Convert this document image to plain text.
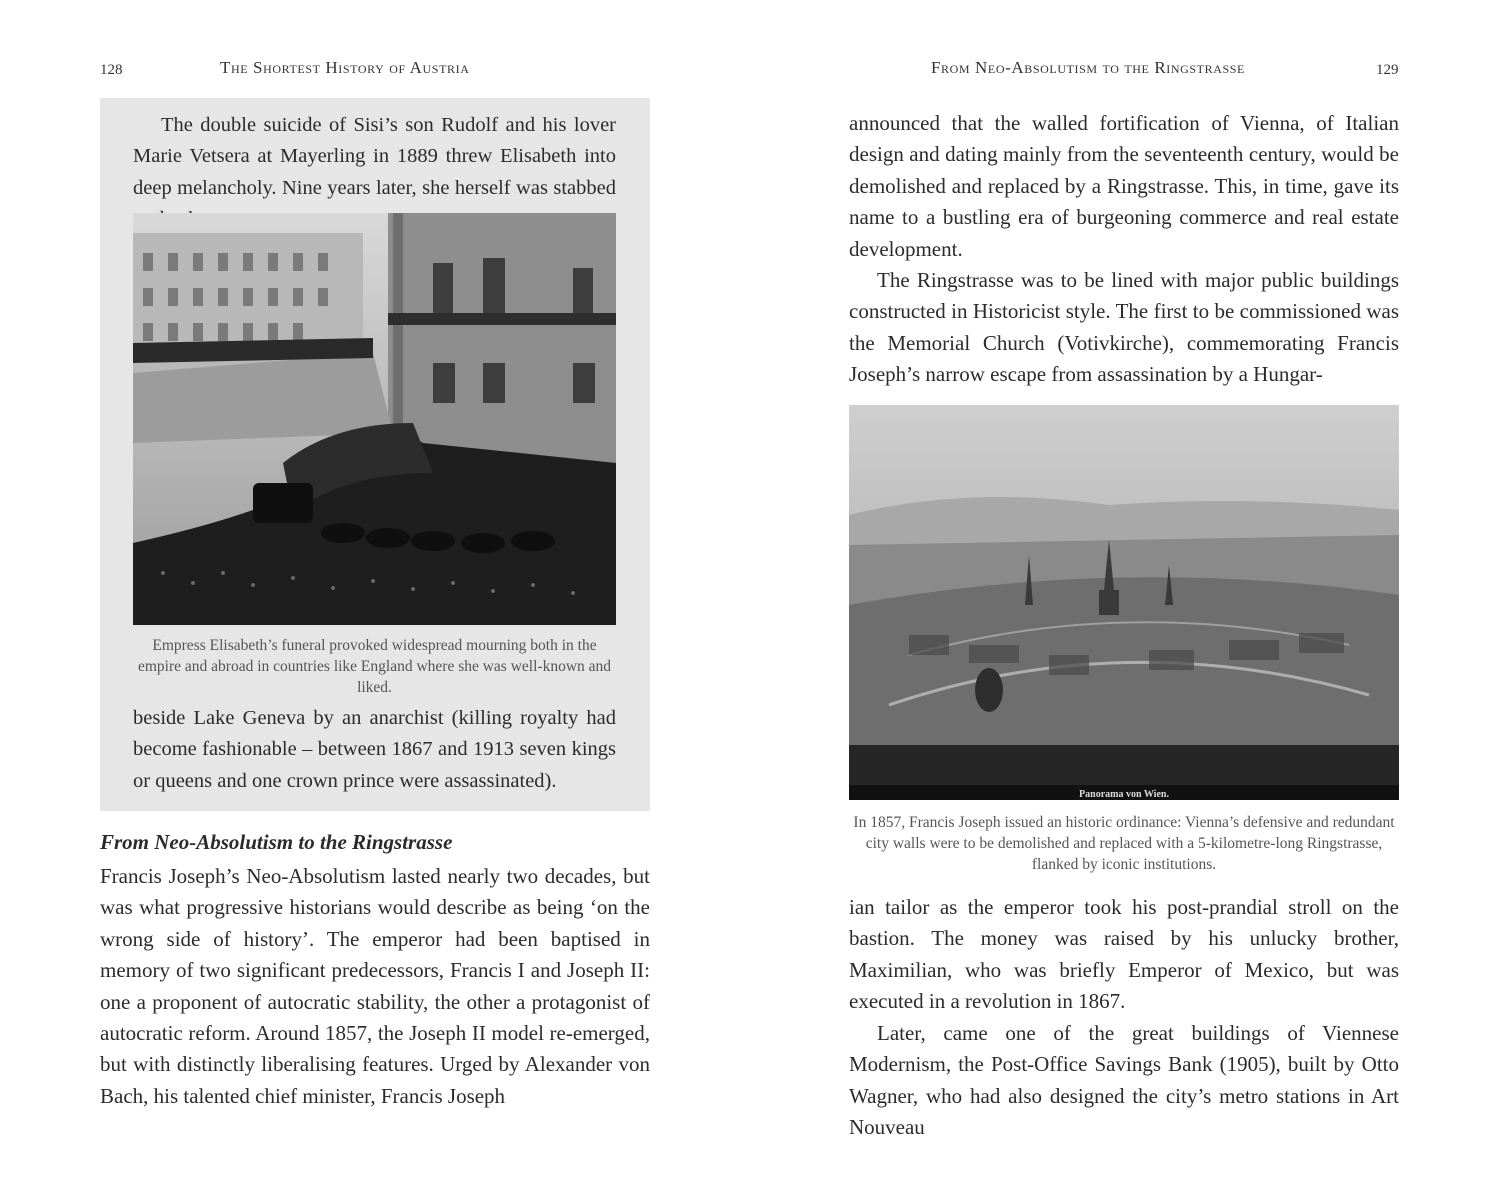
128	The Shortest History of Austria

The double suicide of Sisi’s son Rudolf and his lover Marie Vetsera at Mayerling in 1889 threw Elisabeth into deep melancholy. Nine years later, she herself was stabbed

Empress Elisabeth’s funeral provoked widespread mourning both in the empire and abroad in countries like England where she was well-known and liked.

beside Lake Geneva by an anarchist (killing royalty had become fashionable – between 1867 and 1913 seven kings or queens and one crown prince were assassinated).

From Neo-Absolutism to the Ringstrasse

Francis Joseph’s Neo-Absolutism lasted nearly two decades, but was what progressive historians would describe as being ‘on the wrong side of history’. The emperor had been baptised in memory of two significant predecessors, Francis I and Joseph II: one a proponent of autocratic stability, the other a protagonist of autocratic reform. Around 1857, the Joseph II model re-emerged, but with distinctly liberalising features. Urged by Alexander von Bach, his talented chief minister, Francis Joseph

From Neo-Absolutism to the Ringstrasse	129

announced that the walled fortification of Vienna, of Italian design and dating mainly from the seventeenth century, would be demolished and replaced by a Ringstrasse. This, in time, gave its name to a bustling era of burgeoning commerce and real estate development.

The Ringstrasse was to be lined with major public buildings constructed in Historicist style. The first to be commissioned was the Memorial Church (Votivkirche), commemorating Francis Joseph’s narrow escape from assassination by a Hungar-

Panorama von Wien.

In 1857, Francis Joseph issued an historic ordinance: Vienna’s defensive and redundant city walls were to be demolished and replaced with a 5-kilometre-long Ringstrasse, flanked by iconic institutions.

ian tailor as the emperor took his post-prandial stroll on the bastion. The money was raised by his unlucky brother, Maximilian, who was briefly Emperor of Mexico, but was executed in a revolution in 1867.

Later, came one of the great buildings of Viennese Modernism, the Post-Office Savings Bank (1905), built by Otto Wagner, who had also designed the city’s metro stations in Art Nouveau
